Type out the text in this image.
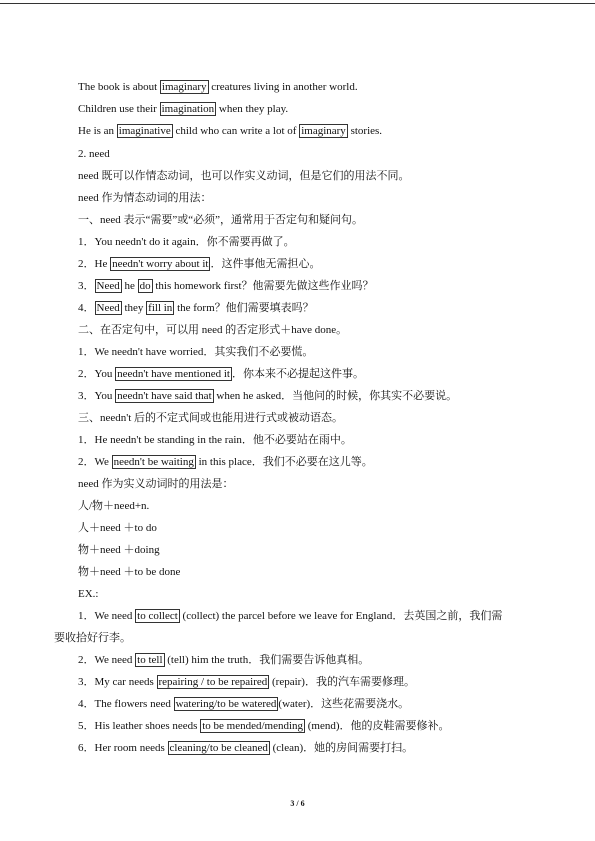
The book is about imaginary creatures living in another world.
Children use their imagination when they play.
He is an imaginative child who can write a lot of imaginary stories.
2. need
need 既可以作情态动词，也可以作实义动词，但是它们的用法不同。
need 作为情态动词的用法：
一、need 表示“需要”或“必须”，通常用于否定句和疑问句。
1．You needn't do it again．你不需要再做了。
2．He needn't worry about it ．这件事他无需担心。
3． Need he do this homework first？他需要先做这些作业吗？
4． Need they fill in the form？他们需要填表吗？
二、在否定句中，可以用 need 的否定形式＋have done。
1．We needn't have worried．其实我们不必要慌。
2．You needn't have mentioned it ．你本来不必提起这件事。
3．You needn't have said that when he asked．当他问的时候，你其实不必要说。
三、needn't 后的不定式间或也能用进行式或被动语态。
1．He needn't be standing in the rain．他不必要站在雨中。
2．We needn't be waiting in this place．我们不必要在这儿等。
need 作为实义动词时的用法是：
人/物＋need+n.
人＋need ＋to do
物＋need ＋doing
物＋need ＋to be done
EX.:
1．We need to collect (collect) the parcel before we leave for England．去英国之前，我们需
要收拾好行李。
2．We need to tell (tell) him the truth．我们需要告诉他真相。
3．My car needs repairing / to be repaired (repair)．我的汽车需要修理。
4．The flowers need watering/to be watered (water)．这些花需要浇水。
5．His leather shoes needs to be mended/mending (mend)．他的皮鞋需要修补。
6．Her room needs cleaning/to be cleaned (clean)．她的房间需要打扫。
3 / 6
